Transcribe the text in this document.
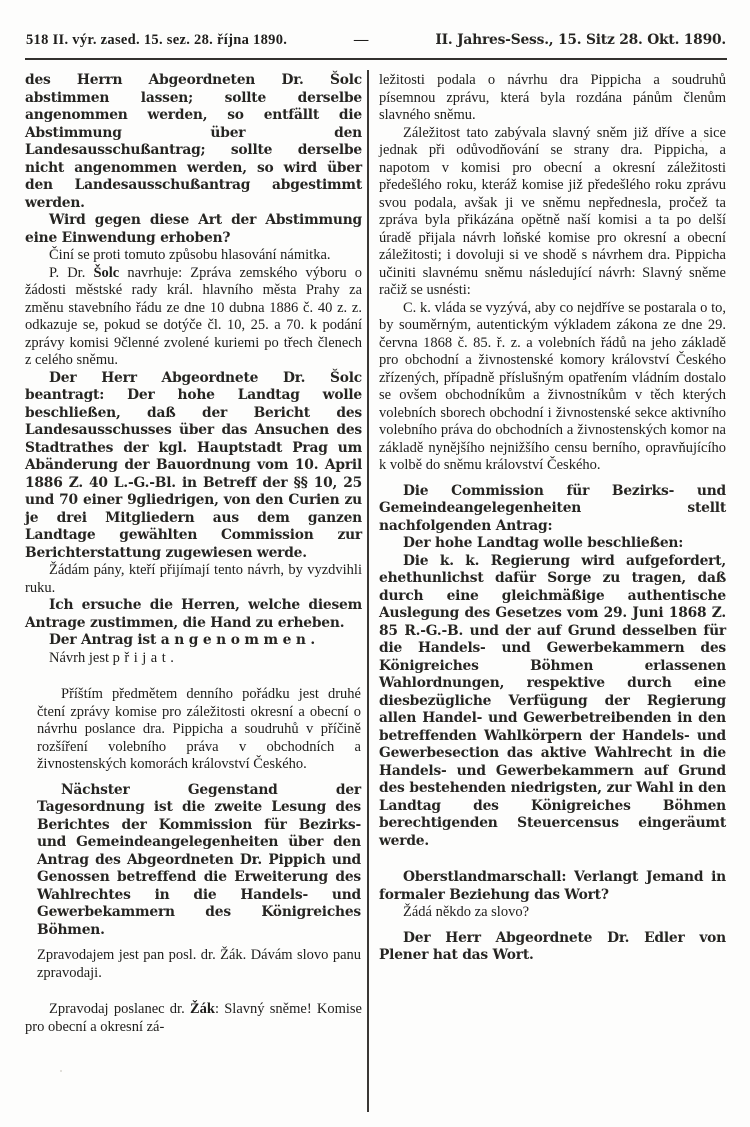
518 II. výr. zased. 15. sez. 28. října 1890.	—	II. Jahres-Sess., 15. Sitz 28. Okt. 1890.

des Herrn Abgeordneten Dr. Šolc abstimmen lassen; sollte derselbe angenommen werden, so entfällt die Abstimmung über den Landesausschußantrag; sollte derselbe nicht angenommen werden, so wird über den Landesausschußantrag abgestimmt werden.

Wird gegen diese Art der Abstimmung eine Einwendung erhoben?

Činí se proti tomuto způsobu hlasování námitka.

P. Dr. Šolc navrhuje: Zpráva zemského výboru o žádosti městské rady král. hlavního města Prahy za změnu stavebního řádu ze dne 10 dubna 1886 č. 40 z. z. odkazuje se, pokud se dotýče čl. 10, 25. a 70. k podání zprávy komisi 9členné zvolené kuriemi po třech členech z celého sněmu.

Der Herr Abgeordnete Dr. Šolc beantragt: Der hohe Landtag wolle beschließen, daß der Bericht des Landesausschusses über das Ansuchen des Stadtrathes der kgl. Hauptstadt Prag um Abänderung der Bauordnung vom 10. April 1886 Z. 40 L.-G.-Bl. in Betreff der §§ 10, 25 und 70 einer 9gliedrigen, von den Curien zu je drei Mitgliedern aus dem ganzen Landtage gewählten Commission zur Berichterstattung zugewiesen werde.

Žádám pány, kteří přijímají tento návrh, by vyzdvihli ruku.

Ich ersuche die Herren, welche diesem Antrage zustimmen, die Hand zu erheben.

Der Antrag ist angenommen.

Návrh jest přijat.

Příštím předmětem denního pořádku jest druhé čtení zprávy komise pro záležitosti okresní a obecní o návrhu poslance dra. Pippicha a soudruhů v příčině rozšíření volebního práva v obchodních a živnostenských komorách království Českého.

Nächster Gegenstand der Tagesordnung ist die zweite Lesung des Berichtes der Kommission für Bezirks- und Gemeindeangelegenheiten über den Antrag des Abgeordneten Dr. Pippich und Genossen betreffend die Erweiterung des Wahlrechtes in die Handels- und Gewerbekammern des Königreiches Böhmen.

Zpravodajem jest pan posl. dr. Žák. Dávám slovo panu zpravodaji.

Zpravodaj poslanec dr. Žák: Slavný sněme! Komise pro obecní a okresní zá-

ležitosti podala o návrhu dra Pippicha a soudruhů písemnou zprávu, která byla rozdána pánům členům slavného sněmu.

Záležitost tato zabývala slavný sněm již dříve a sice jednak při odůvodňování se strany dra. Pippicha, a napotom v komisi pro obecní a okresní záležitosti předešlého roku, kteráž komise již předešlého roku zprávu svou podala, avšak ji ve sněmu nepřednesla, pročež ta zpráva byla přikázána opětně naší komisi a ta po delší úradě přijala návrh loňské komise pro okresní a obecní záležitosti; i dovoluji si ve shodě s návrhem dra. Pippicha učiniti slavnému sněmu následující návrh: Slavný sněme račiž se usnésti:

C. k. vláda se vyzývá, aby co nejdříve se postarala o to, by souměrným, autentickým výkladem zákona ze dne 29. června 1868 č. 85. ř. z. a volebních řádů na jeho základě pro obchodní a živnostenské komory království Českého zřízených, případně příslušným opatřením vládním dostalo se ovšem obchodníkům a živnostníkům v těch kterých volebních sborech obchodní i živnostenské sekce aktivního volebního práva do obchodních a živnostenských komor na základě nynějšího nejnižšího censu berního, opravňujícího k volbě do sněmu království Českého.

Die Commission für Bezirks- und Gemeindeangelegenheiten stellt nachfolgenden Antrag:

Der hohe Landtag wolle beschließen:

Die k. k. Regierung wird aufgefordert, ehethunlichst dafür Sorge zu tragen, daß durch eine gleichmäßige authentische Auslegung des Gesetzes vom 29. Juni 1868 Z. 85 R.-G.-B. und der auf Grund desselben für die Handels- und Gewerbekammern des Königreiches Böhmen erlassenen Wahlordnungen, respektive durch eine diesbezügliche Verfügung der Regierung allen Handel- und Gewerbetreibenden in den betreffenden Wahlkörpern der Handels- und Gewerbesection das aktive Wahlrecht in die Handels- und Gewerbekammern auf Grund des bestehenden niedrigsten, zur Wahl in den Landtag des Königreiches Böhmen berechtigenden Steuercensus eingeräumt werde.

Oberstlandmarschall: Verlangt Jemand in formaler Beziehung das Wort?

Žádá někdo za slovo?

Der Herr Abgeordnete Dr. Edler von Plener hat das Wort.
